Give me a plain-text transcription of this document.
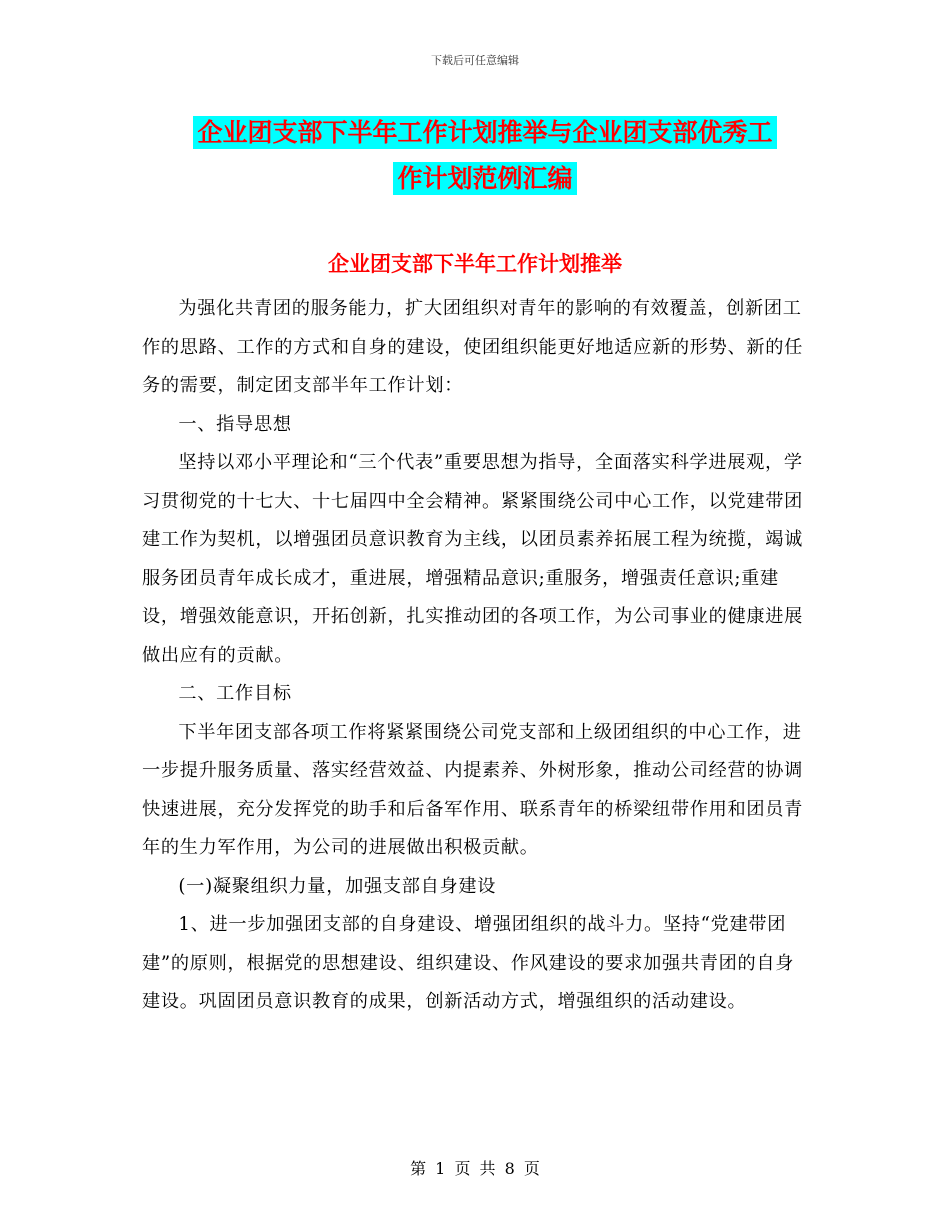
下载后可任意编辑
企业团支部下半年工作计划推举与企业团支部优秀工
作计划范例汇编
企业团支部下半年工作计划推举

为强化共青团的服务能力，扩大团组织对青年的影响的有效覆盖，创新团工作的思路、工作的方式和自身的建设，使团组织能更好地适应新的形势、新的任务的需要，制定团支部半年工作计划：

一、指导思想

坚持以邓小平理论和“三个代表”重要思想为指导，全面落实科学进展观，学习贯彻党的十七大、十七届四中全会精神。紧紧围绕公司中心工作，以党建带团建工作为契机，以增强团员意识教育为主线，以团员素养拓展工程为统揽，竭诚服务团员青年成长成才，重进展，增强精品意识;重服务，增强责任意识;重建设，增强效能意识，开拓创新，扎实推动团的各项工作，为公司事业的健康进展做出应有的贡献。

二、工作目标

下半年团支部各项工作将紧紧围绕公司党支部和上级团组织的中心工作，进一步提升服务质量、落实经营效益、内提素养、外树形象，推动公司经营的协调快速进展，充分发挥党的助手和后备军作用、联系青年的桥梁纽带作用和团员青年的生力军作用，为公司的进展做出积极贡献。

(一)凝聚组织力量，加强支部自身建设

1、进一步加强团支部的自身建设、增强团组织的战斗力。坚持“党建带团建”的原则，根据党的思想建设、组织建设、作风建设的要求加强共青团的自身建设。巩固团员意识教育的成果，创新活动方式，增强组织的活动建设。

第 1 页 共 8 页
